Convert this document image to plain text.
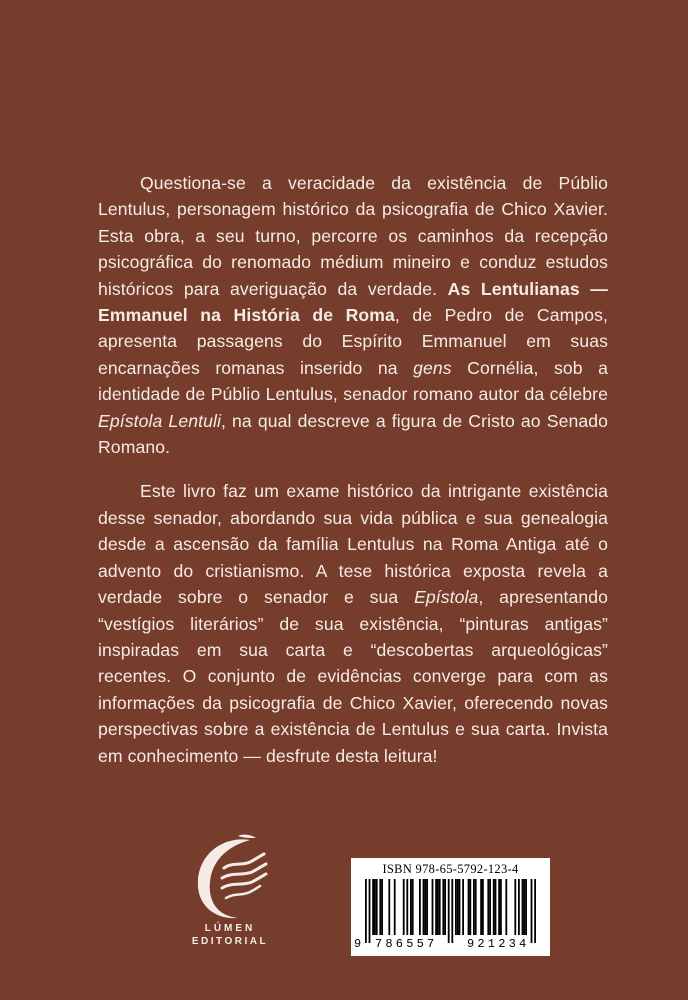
Questiona-se a veracidade da existência de Públio Lentulus, personagem histórico da psicografia de Chico Xavier. Esta obra, a seu turno, percorre os caminhos da recepção psicográfica do renomado médium mineiro e conduz estudos históricos para averiguação da verdade. As Lentulianas — Emmanuel na História de Roma, de Pedro de Campos, apresenta passagens do Espírito Emmanuel em suas encarnações romanas inserido na gens Cornélia, sob a identidade de Públio Lentulus, senador romano autor da célebre Epístola Lentuli, na qual descreve a figura de Cristo ao Senado Romano.

Este livro faz um exame histórico da intrigante existência desse senador, abordando sua vida pública e sua genealogia desde a ascensão da família Lentulus na Roma Antiga até o advento do cristianismo. A tese histórica exposta revela a verdade sobre o senador e sua Epístola, apresentando “vestígios literários” de sua existência, “pinturas antigas” inspiradas em sua carta e “descobertas arqueológicas” recentes. O conjunto de evidências converge para com as informações da psicografia de Chico Xavier, oferecendo novas perspectivas sobre a existência de Lentulus e sua carta. Invista em conhecimento — desfrute desta leitura!

LÚMEN
EDITORIAL
ISBN 978-65-5792-123-4
9 786557 921234
